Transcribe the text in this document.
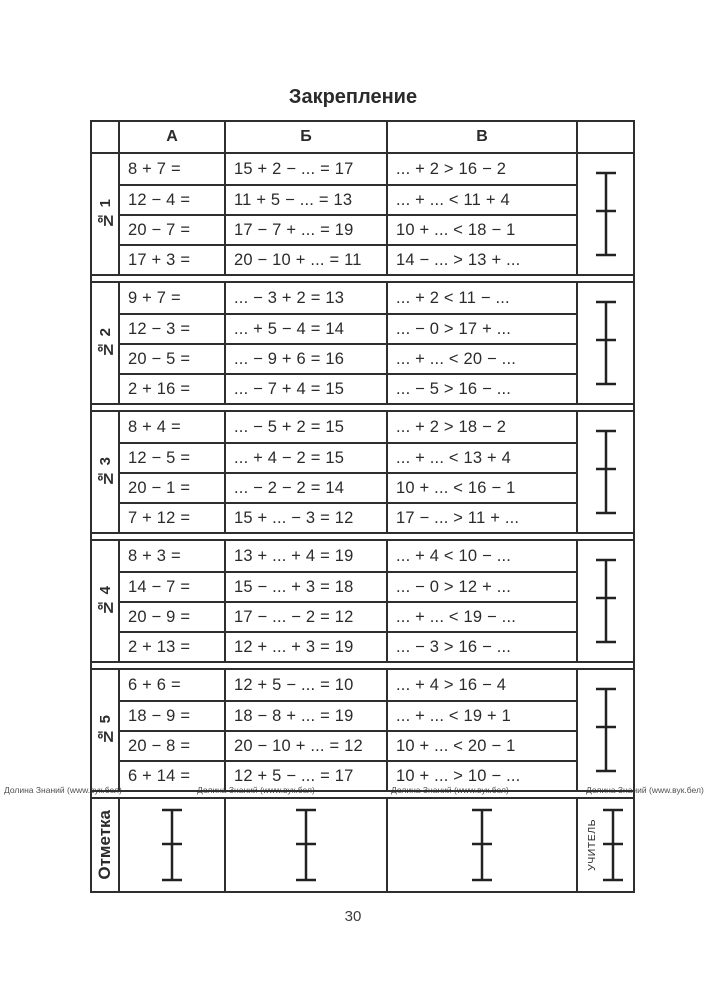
Закрепление
А	Б	В
№ 1
8 + 7 =	15 + 2 − ... = 17	... + 2 > 16 − 2
12 − 4 =	11 + 5 − ... = 13	... + ... < 11 + 4
20 − 7 =	17 − 7 + ... = 19	10 + ... < 18 − 1
17 + 3 =	20 − 10 + ... = 11	14 − ... > 13 + ...
№ 2
9 + 7 =	... − 3 + 2 = 13	... + 2 < 11 − ...
12 − 3 =	... + 5 − 4 = 14	... − 0 > 17 + ...
20 − 5 =	... − 9 + 6 = 16	... + ... < 20 − ...
2 + 16 =	... − 7 + 4 = 15	... − 5 > 16 − ...
№ 3
8 + 4 =	... − 5 + 2 = 15	... + 2 > 18 − 2
12 − 5 =	... + 4 − 2 = 15	... + ... < 13 + 4
20 − 1 =	... − 2 − 2 = 14	10 + ... < 16 − 1
7 + 12 =	15 + ... − 3 = 12	17 − ... > 11 + ...
№ 4
8 + 3 =	13 + ... + 4 = 19	... + 4 < 10 − ...
14 − 7 =	15 − ... + 3 = 18	... − 0 > 12 + ...
20 − 9 =	17 − ... − 2 = 12	... + ... < 19 − ...
2 + 13 =	12 + ... + 3 = 19	... − 3 > 16 − ...
№ 5
6 + 6 =	12 + 5 − ... = 10	... + 4 > 16 − 4
18 − 9 =	18 − 8 + ... = 19	... + ... < 19 + 1
20 − 8 =	20 − 10 + ... = 12	10 + ... < 20 − 1
6 + 14 =	12 + 5 − ... = 17	10 + ... > 10 − ...
Отметка	УЧИТЕЛЬ
Долина Знаний (www.вук.бел)	Долина Знаний (www.вук.бел)	Долина Знаний (www.вук.бел)	Долина Знаний (www.вук.бел)
30
